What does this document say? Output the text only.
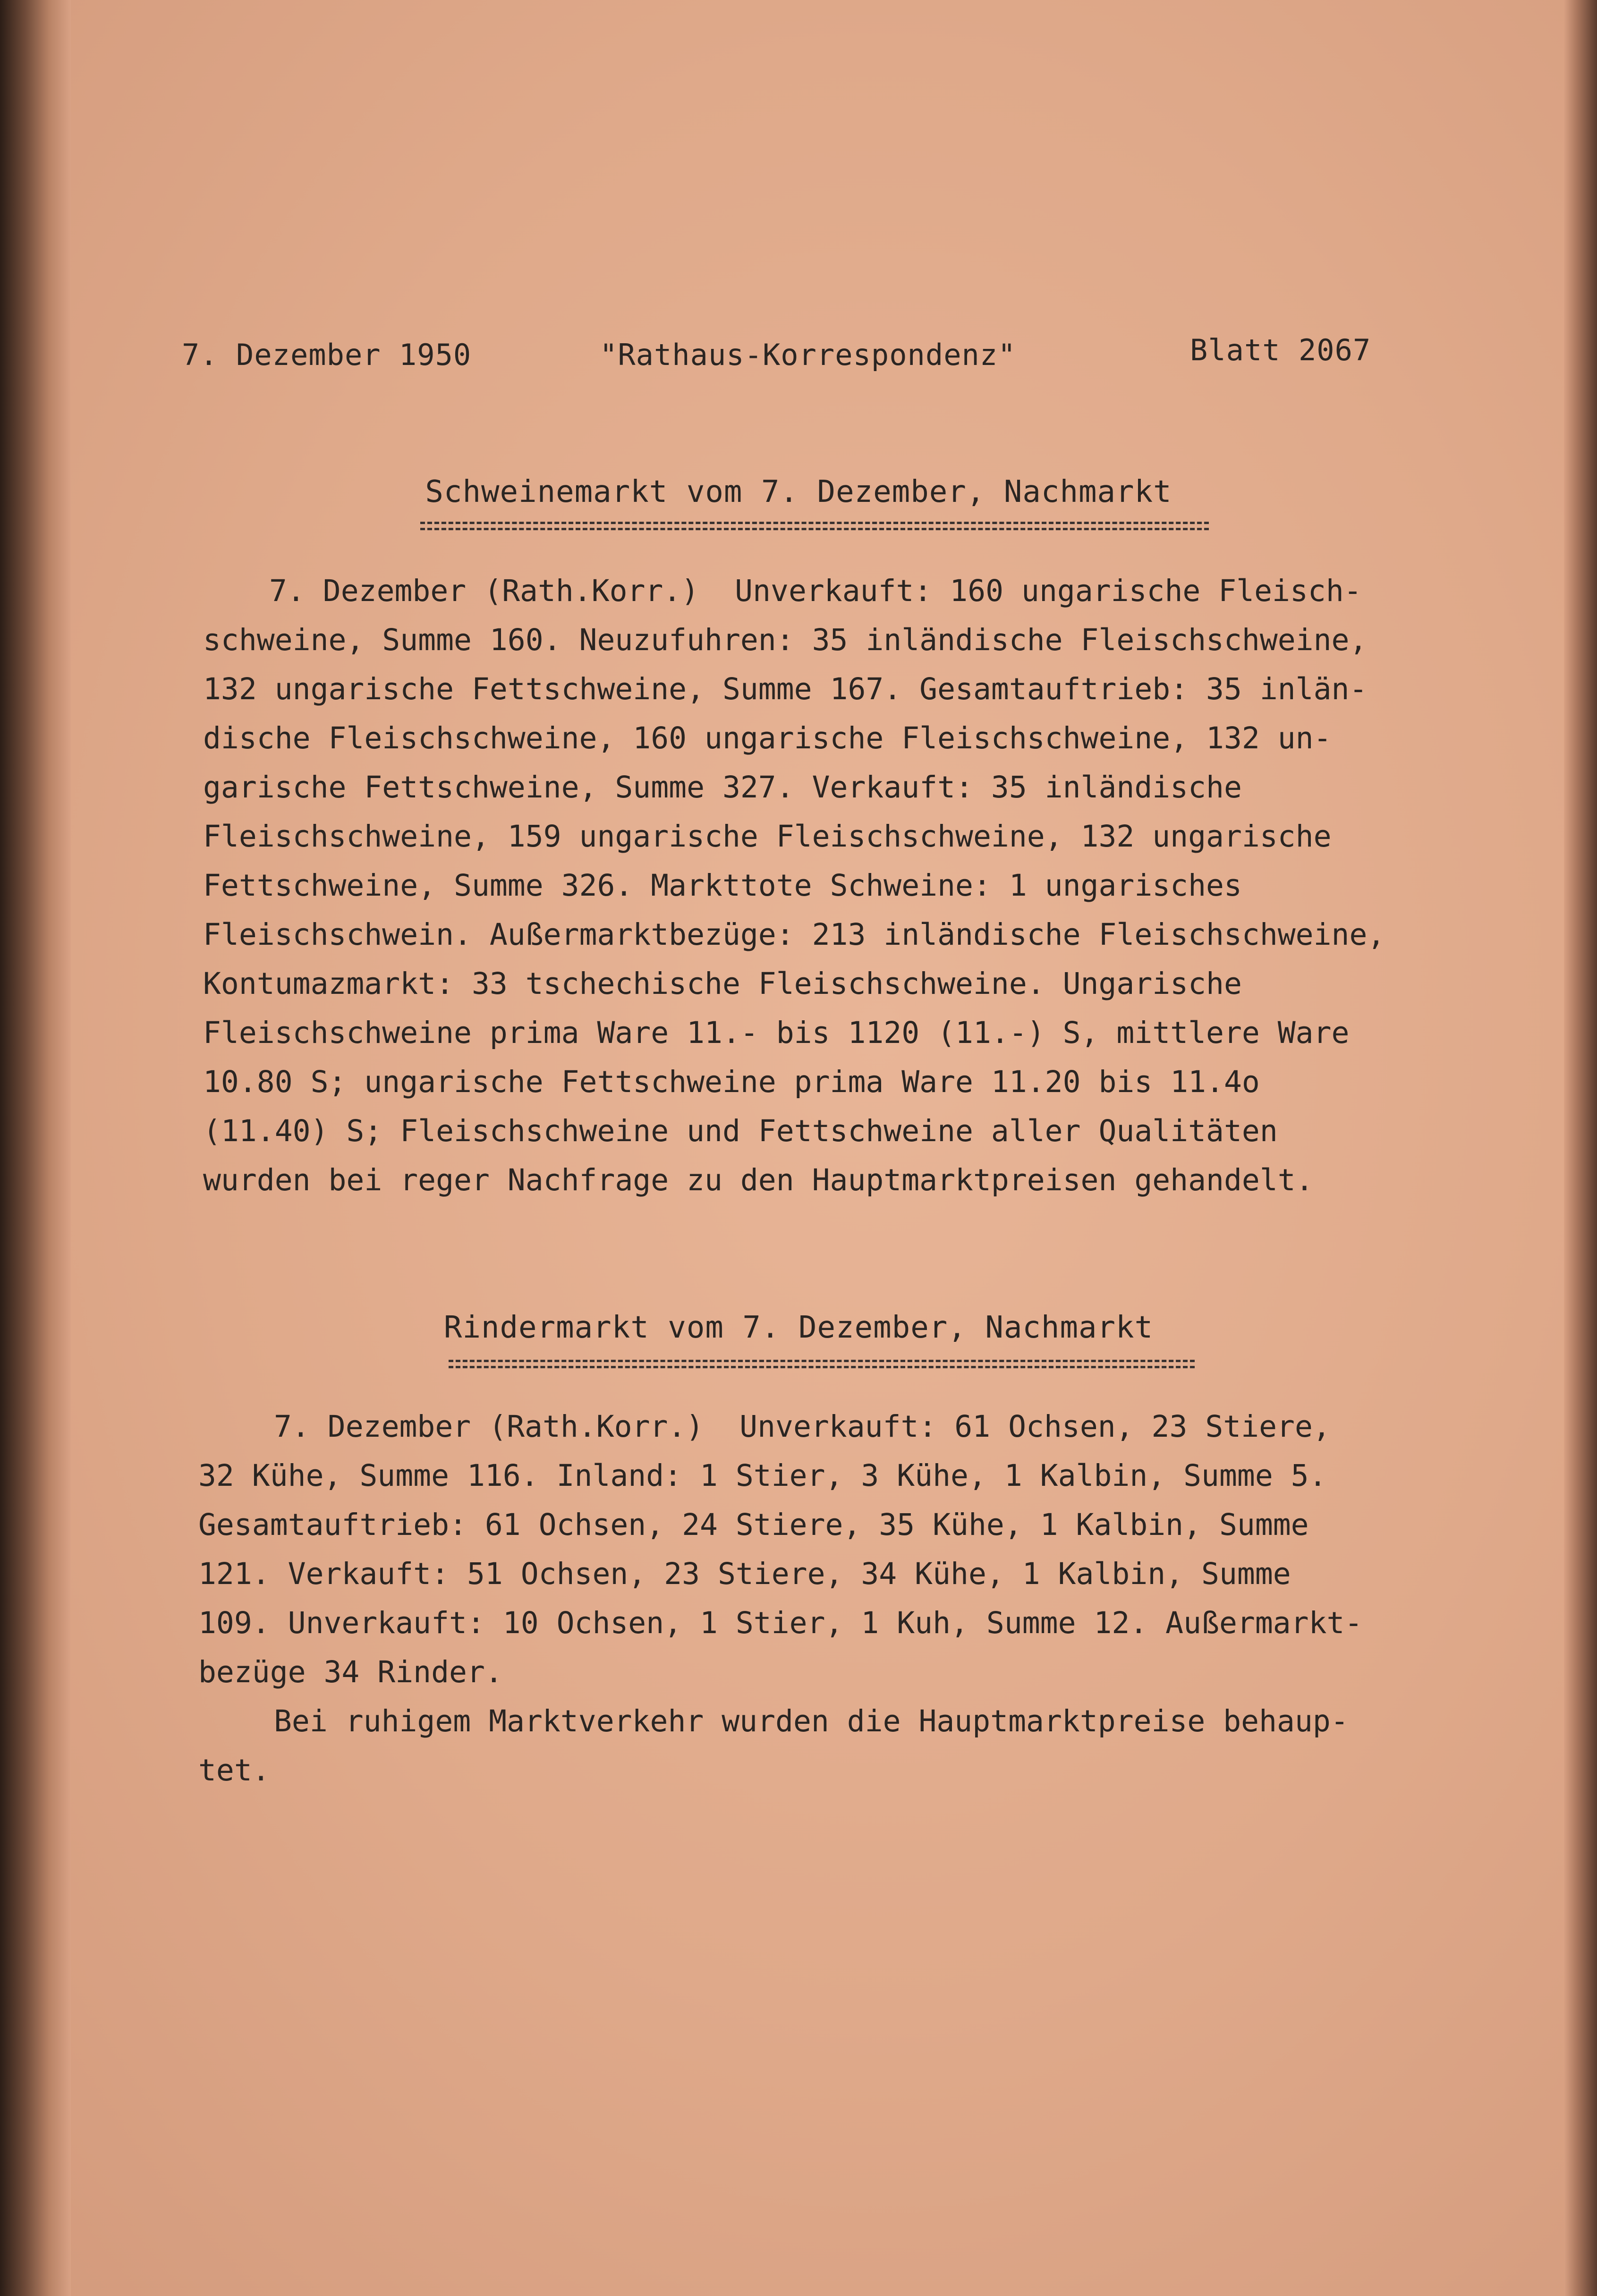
7. Dezember 1950	"Rathaus-Korrespondenz"	Blatt 2067
Schweinemarkt vom 7. Dezember, Nachmarkt
7. Dezember (Rath.Korr.)  Unverkauft: 160 ungarische Fleisch-
schweine, Summe 160. Neuzufuhren: 35 inländische Fleischschweine,
132 ungarische Fettschweine, Summe 167. Gesamtauftrieb: 35 inlän-
dische Fleischschweine, 160 ungarische Fleischschweine, 132 un-
garische Fettschweine, Summe 327. Verkauft: 35 inländische
Fleischschweine, 159 ungarische Fleischschweine, 132 ungarische
Fettschweine, Summe 326. Markttote Schweine: 1 ungarisches
Fleischschwein. Außermarktbezüge: 213 inländische Fleischschweine,
Kontumazmarkt: 33 tschechische Fleischschweine. Ungarische
Fleischschweine prima Ware 11.- bis 1120 (11.-) S, mittlere Ware
10.80 S; ungarische Fettschweine prima Ware 11.20 bis 11.4o
(11.40) S; Fleischschweine und Fettschweine aller Qualitäten
wurden bei reger Nachfrage zu den Hauptmarktpreisen gehandelt.
Rindermarkt vom 7. Dezember, Nachmarkt
7. Dezember (Rath.Korr.)  Unverkauft: 61 Ochsen, 23 Stiere,
32 Kühe, Summe 116. Inland: 1 Stier, 3 Kühe, 1 Kalbin, Summe 5.
Gesamtauftrieb: 61 Ochsen, 24 Stiere, 35 Kühe, 1 Kalbin, Summe
121. Verkauft: 51 Ochsen, 23 Stiere, 34 Kühe, 1 Kalbin, Summe
109. Unverkauft: 10 Ochsen, 1 Stier, 1 Kuh, Summe 12. Außermarkt-
bezüge 34 Rinder.
Bei ruhigem Marktverkehr wurden die Hauptmarktpreise behaup-
tet.
